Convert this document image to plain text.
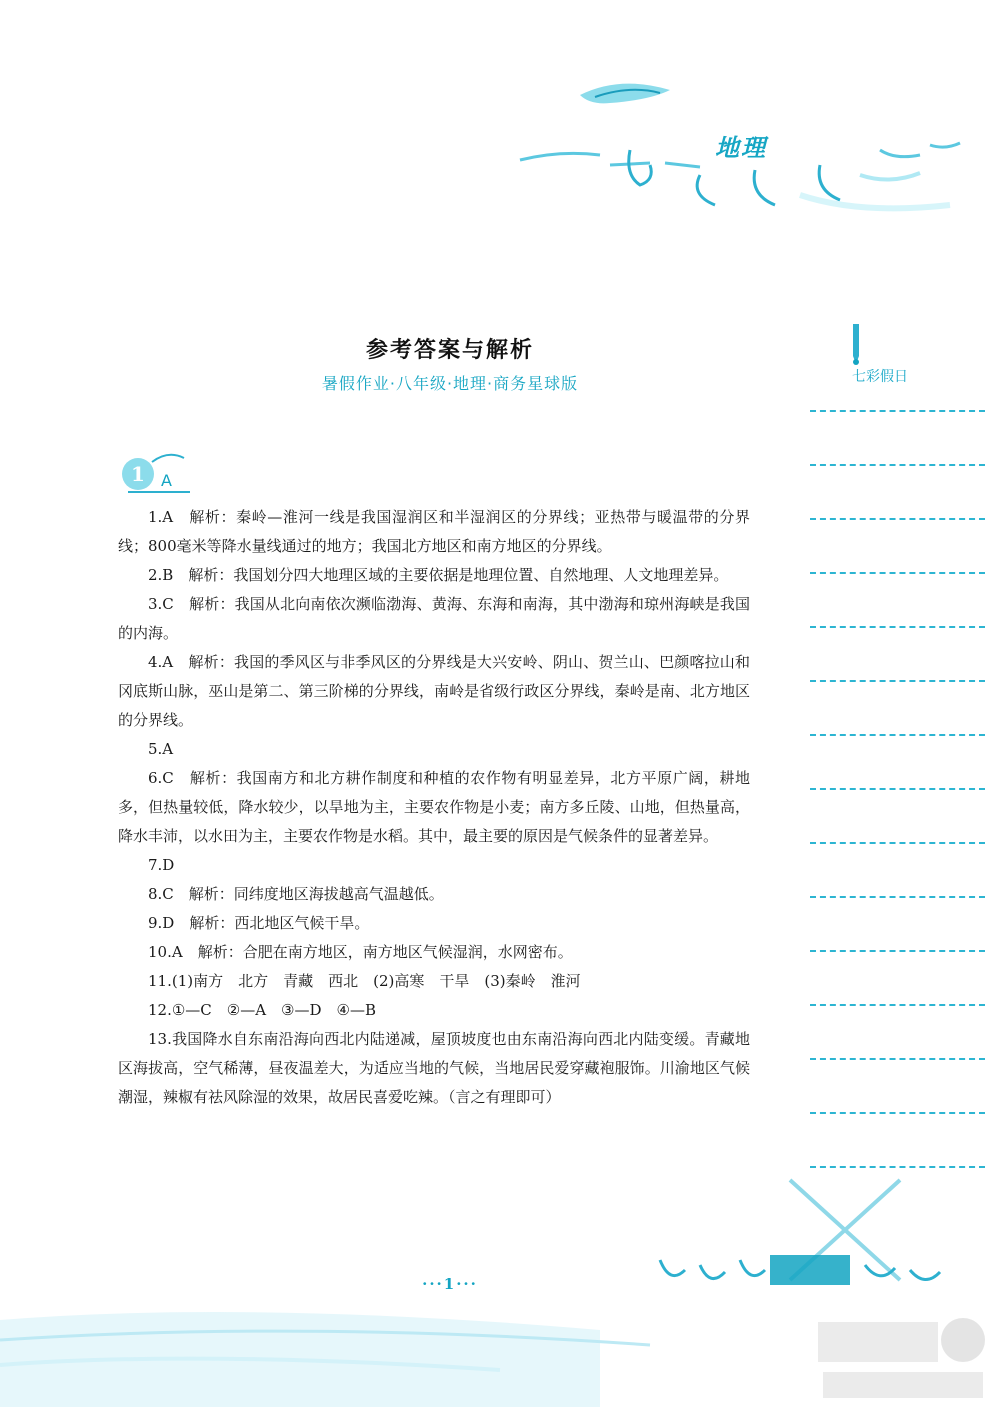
地理
参考答案与解析
暑假作业·八年级·地理·商务星球版	七彩假日
1 A

1.A　解析：秦岭—淮河一线是我国湿润区和半湿润区的分界线；亚热带与暖温带的分界线；800毫米等降水量线通过的地方；我国北方地区和南方地区的分界线。

2.B　解析：我国划分四大地理区域的主要依据是地理位置、自然地理、人文地理差异。

3.C　解析：我国从北向南依次濒临渤海、黄海、东海和南海，其中渤海和琼州海峡是我国的内海。

4.A　解析：我国的季风区与非季风区的分界线是大兴安岭、阴山、贺兰山、巴颜喀拉山和冈底斯山脉，巫山是第二、第三阶梯的分界线，南岭是省级行政区分界线，秦岭是南、北方地区的分界线。

5.A

6.C　解析：我国南方和北方耕作制度和种植的农作物有明显差异，北方平原广阔，耕地多，但热量较低，降水较少，以旱地为主，主要农作物是小麦；南方多丘陵、山地，但热量高，降水丰沛，以水田为主，主要农作物是水稻。其中，最主要的原因是气候条件的显著差异。

7.D

8.C　解析：同纬度地区海拔越高气温越低。

9.D　解析：西北地区气候干旱。

10.A　解析：合肥在南方地区，南方地区气候湿润，水网密布。

11.(1)南方　北方　青藏　西北　(2)高寒　干旱　(3)秦岭　淮河

12.①—C　②—A　③—D　④—B

13.我国降水自东南沿海向西北内陆递减，屋顶坡度也由东南沿海向西北内陆变缓。青藏地区海拔高，空气稀薄，昼夜温差大，为适应当地的气候，当地居民爱穿藏袍服饰。川渝地区气候潮湿，辣椒有祛风除湿的效果，故居民喜爱吃辣。（言之有理即可）

···1···
